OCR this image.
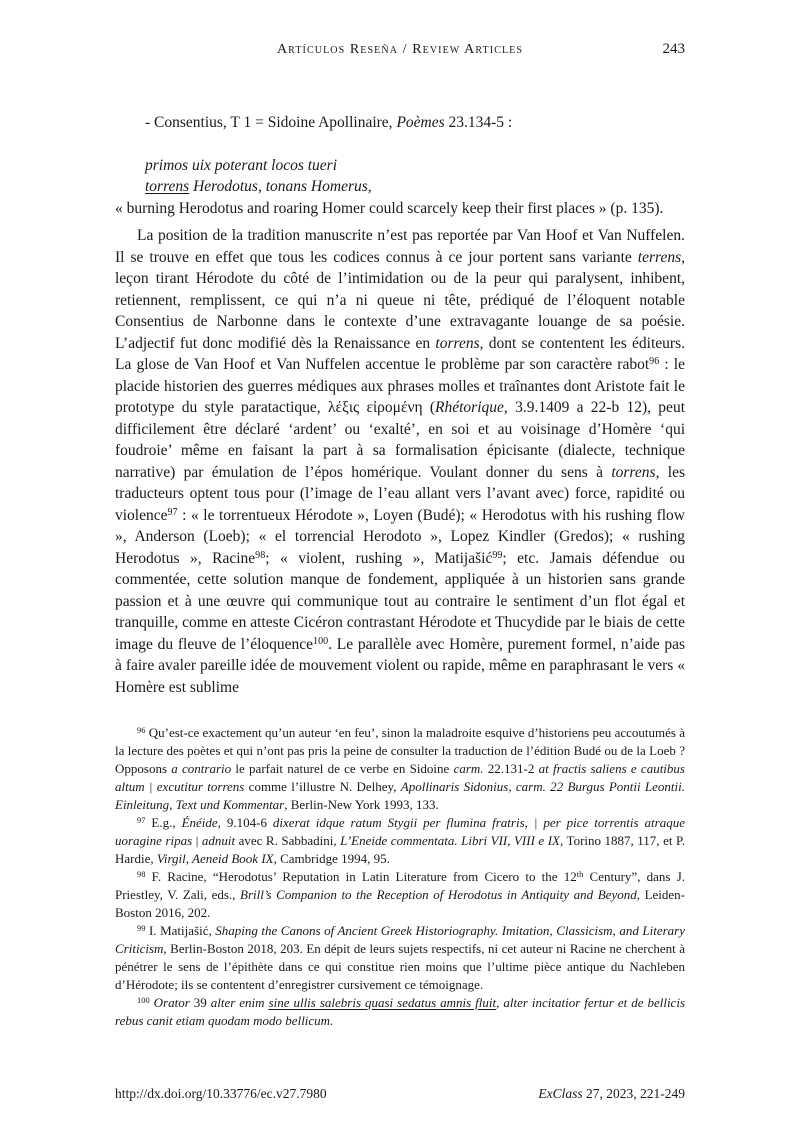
Artículos Reseña / Review Articles	243

- Consentius, T 1 = Sidoine Apollinaire, Poèmes 23.134-5 :

primos uix poterant locos tueri

torrens Herodotus, tonans Homerus,

« burning Herodotus and roaring Homer could scarcely keep their first places » (p. 135).

La position de la tradition manuscrite n’est pas reportée par Van Hoof et Van Nuffelen. Il se trouve en effet que tous les codices connus à ce jour portent sans variante terrens, leçon tirant Hérodote du côté de l’intimidation ou de la peur qui paralysent, inhibent, retiennent, remplissent, ce qui n’a ni queue ni tête, prédiqué de l’éloquent notable Consentius de Narbonne dans le contexte d’une extravagante louange de sa poésie. L’adjectif fut donc modifié dès la Renaissance en torrens, dont se contentent les éditeurs. La glose de Van Hoof et Van Nuffelen accentue le problème par son caractère rabot$^{96}$ : le placide historien des guerres médiques aux phrases molles et traînantes dont Aristote fait le prototype du style paratactique, λέξις εἰρομένη (Rhétorique, 3.9.1409 a 22-b 12), peut difficilement être déclaré ‘ardent’ ou ‘exalté’, en soi et au voisinage d’Homère ‘qui foudroie’ même en faisant la part à sa formalisation épicisante (dialecte, technique narrative) par émulation de l’épos homérique. Voulant donner du sens à torrens, les traducteurs optent tous pour (l’image de l’eau allant vers l’avant avec) force, rapidité ou violence$^{97}$ : « le torrentueux Hérodote », Loyen (Budé); « Herodotus with his rushing flow », Anderson (Loeb); « el torrencial Herodoto », Lopez Kindler (Gredos); « rushing Herodotus », Racine$^{98}$; « violent, rushing », Matijašić$^{99}$; etc. Jamais défendue ou commentée, cette solution manque de fondement, appliquée à un historien sans grande passion et à une œuvre qui communique tout au contraire le sentiment d’un flot égal et tranquille, comme en atteste Cicéron contrastant Hérodote et Thucydide par le biais de cette image du fleuve de l’éloquence$^{100}$. Le parallèle avec Homère, purement formel, n’aide pas à faire avaler pareille idée de mouvement violent ou rapide, même en paraphrasant le vers « Homère est sublime

$^{96}$ Qu’est-ce exactement qu’un auteur ‘en feu’, sinon la maladroite esquive d’historiens peu accoutumés à la lecture des poètes et qui n’ont pas pris la peine de consulter la traduction de l’édition Budé ou de la Loeb ? Opposons a contrario le parfait naturel de ce verbe en Sidoine carm. 22.131-2 at fractis saliens e cautibus altum | excutitur torrens comme l’illustre N. Delhey, Apollinaris Sidonius, carm. 22 Burgus Pontii Leontii. Einleitung, Text und Kommentar, Berlin-New York 1993, 133.

$^{97}$ E.g., Énéide, 9.104-6 dixerat idque ratum Stygii per flumina fratris, | per pice torrentis atraque uoragine ripas | adnuit avec R. Sabbadini, L’Eneide commentata. Libri VII, VIII e IX, Torino 1887, 117, et P. Hardie, Virgil, Aeneid Book IX, Cambridge 1994, 95.

$^{98}$ F. Racine, “Herodotus’ Reputation in Latin Literature from Cicero to the 12th Century”, dans J. Priestley, V. Zali, eds., Brill’s Companion to the Reception of Herodotus in Antiquity and Beyond, Leiden-Boston 2016, 202.

$^{99}$ I. Matijašić, Shaping the Canons of Ancient Greek Historiography. Imitation, Classicism, and Literary Criticism, Berlin-Boston 2018, 203. En dépit de leurs sujets respectifs, ni cet auteur ni Racine ne cherchent à pénétrer le sens de l’épithète dans ce qui constitue rien moins que l’ultime pièce antique du Nachleben d’Hérodote; ils se contentent d’enregistrer cursivement ce témoignage.

$^{100}$ Orator 39 alter enim sine ullis salebris quasi sedatus amnis fluit, alter incitatior fertur et de bellicis rebus canit etiam quodam modo bellicum.

http://dx.doi.org/10.33776/ec.v27.7980	ExClass 27, 2023, 221-249
